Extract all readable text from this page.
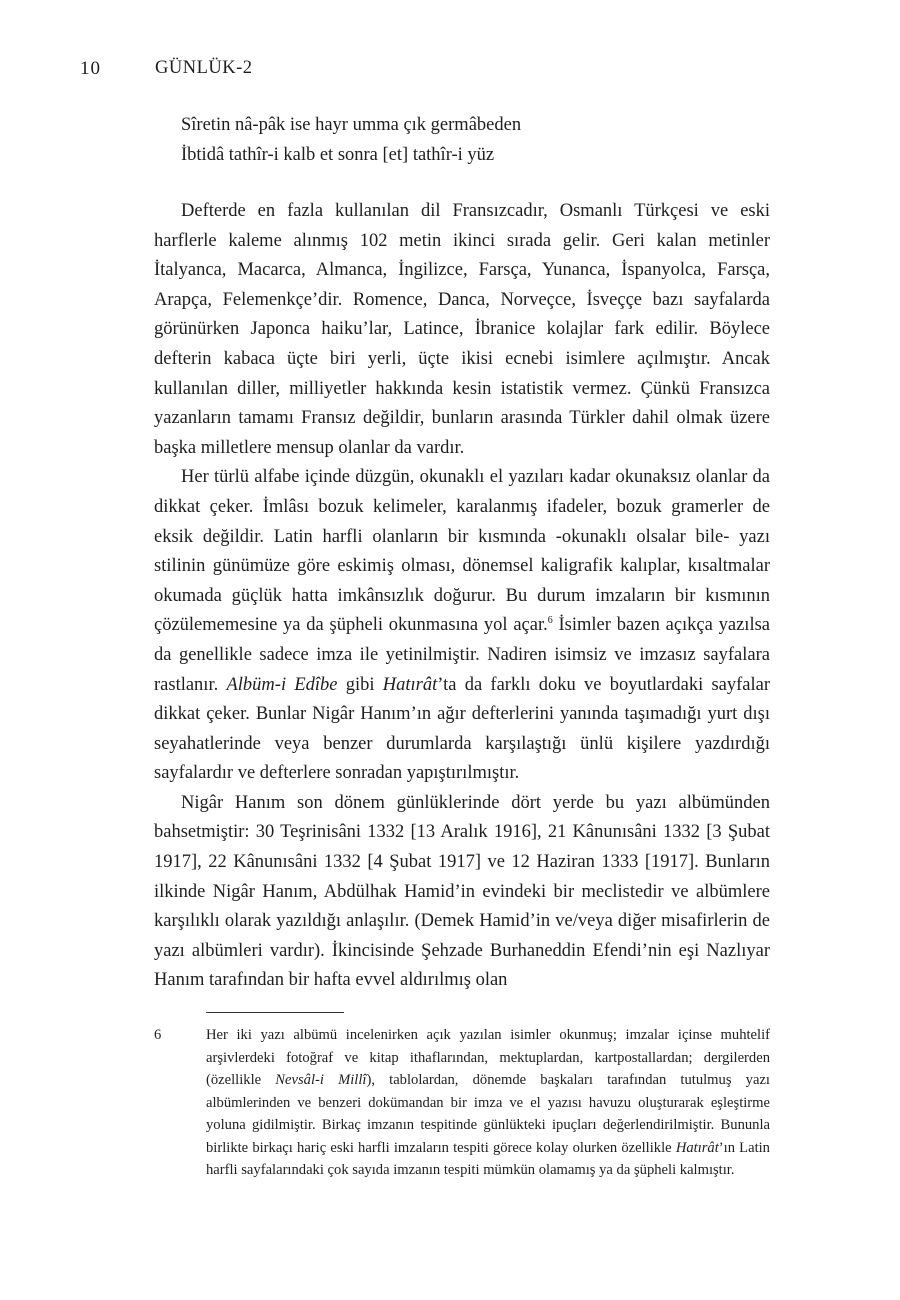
10	GÜNLÜK-2
Sîretin nâ-pâk ise hayr umma çık germâbeden
İbtidâ tathîr-i kalb et sonra [et] tathîr-i yüz

Defterde en fazla kullanılan dil Fransızcadır, Osmanlı Türkçesi ve eski harflerle kaleme alınmış 102 metin ikinci sırada gelir. Geri kalan metinler İtalyanca, Macarca, Almanca, İngilizce, Farsça, Yunanca, İspanyolca, Farsça, Arapça, Felemenkçe’dir. Romence, Danca, Norveçce, İsveççe bazı sayfalarda görünürken Japonca haiku’lar, Latince, İbranice kolajlar fark edilir. Böylece defterin kabaca üçte biri yerli, üçte ikisi ecnebi isimlere açılmıştır. Ancak kullanılan diller, milliyetler hakkında kesin istatistik vermez. Çünkü Fransızca yazanların tamamı Fransız değildir, bunların arasında Türkler dahil olmak üzere başka milletlere mensup olanlar da vardır.

Her türlü alfabe içinde düzgün, okunaklı el yazıları kadar okunaksız olanlar da dikkat çeker. İmlâsı bozuk kelimeler, karalanmış ifadeler, bozuk gramerler de eksik değildir. Latin harfli olanların bir kısmında -okunaklı olsalar bile- yazı stilinin günümüze göre eskimiş olması, dönemsel kaligrafik kalıplar, kısaltmalar okumada güçlük hatta imkânsızlık doğurur. Bu durum imzaların bir kısmının çözülememesine ya da şüpheli okunmasına yol açar.$^6$ İsimler bazen açıkça yazılsa da genellikle sadece imza ile yetinilmiştir. Nadiren isimsiz ve imzasız sayfalara rastlanır. Albüm-i Edîbe gibi Hatırât’ta da farklı doku ve boyutlardaki sayfalar dikkat çeker. Bunlar Nigâr Hanım’ın ağır defterlerini yanında taşımadığı yurt dışı seyahatlerinde veya benzer durumlarda karşılaştığı ünlü kişilere yazdırdığı sayfalardır ve defterlere sonradan yapıştırılmıştır.

Nigâr Hanım son dönem günlüklerinde dört yerde bu yazı albümünden bahsetmiştir: 30 Teşrinisâni 1332 [13 Aralık 1916], 21 Kânunısâni 1332 [3 Şubat 1917], 22 Kânunısâni 1332 [4 Şubat 1917] ve 12 Haziran 1333 [1917]. Bunların ilkinde Nigâr Hanım, Abdülhak Hamid’in evindeki bir meclistedir ve albümlere karşılıklı olarak yazıldığı anlaşılır. (Demek Hamid’in ve/veya diğer misafirlerin de yazı albümleri vardır). İkincisinde Şehzade Burhaneddin Efendi’nin eşi Nazlıyar Hanım tarafından bir hafta evvel aldırılmış olan

6	Her iki yazı albümü incelenirken açık yazılan isimler okunmuş; imzalar içinse muhtelif arşivlerdeki fotoğraf ve kitap ithaflarından, mektuplardan, kartpostallardan; dergilerden (özellikle Nevsâl-i Millî), tablolardan, dönemde başkaları tarafından tutulmuş yazı albümlerinden ve benzeri dokümandan bir imza ve el yazısı havuzu oluşturarak eşleştirme yoluna gidilmiştir. Birkaç imzanın tespitinde günlükteki ipuçları değerlendirilmiştir. Bununla birlikte birkaçı hariç eski harfli imzaların tespiti görece kolay olurken özellikle Hatırât’ın Latin harfli sayfalarındaki çok sayıda imzanın tespiti mümkün olamamış ya da şüpheli kalmıştır.
